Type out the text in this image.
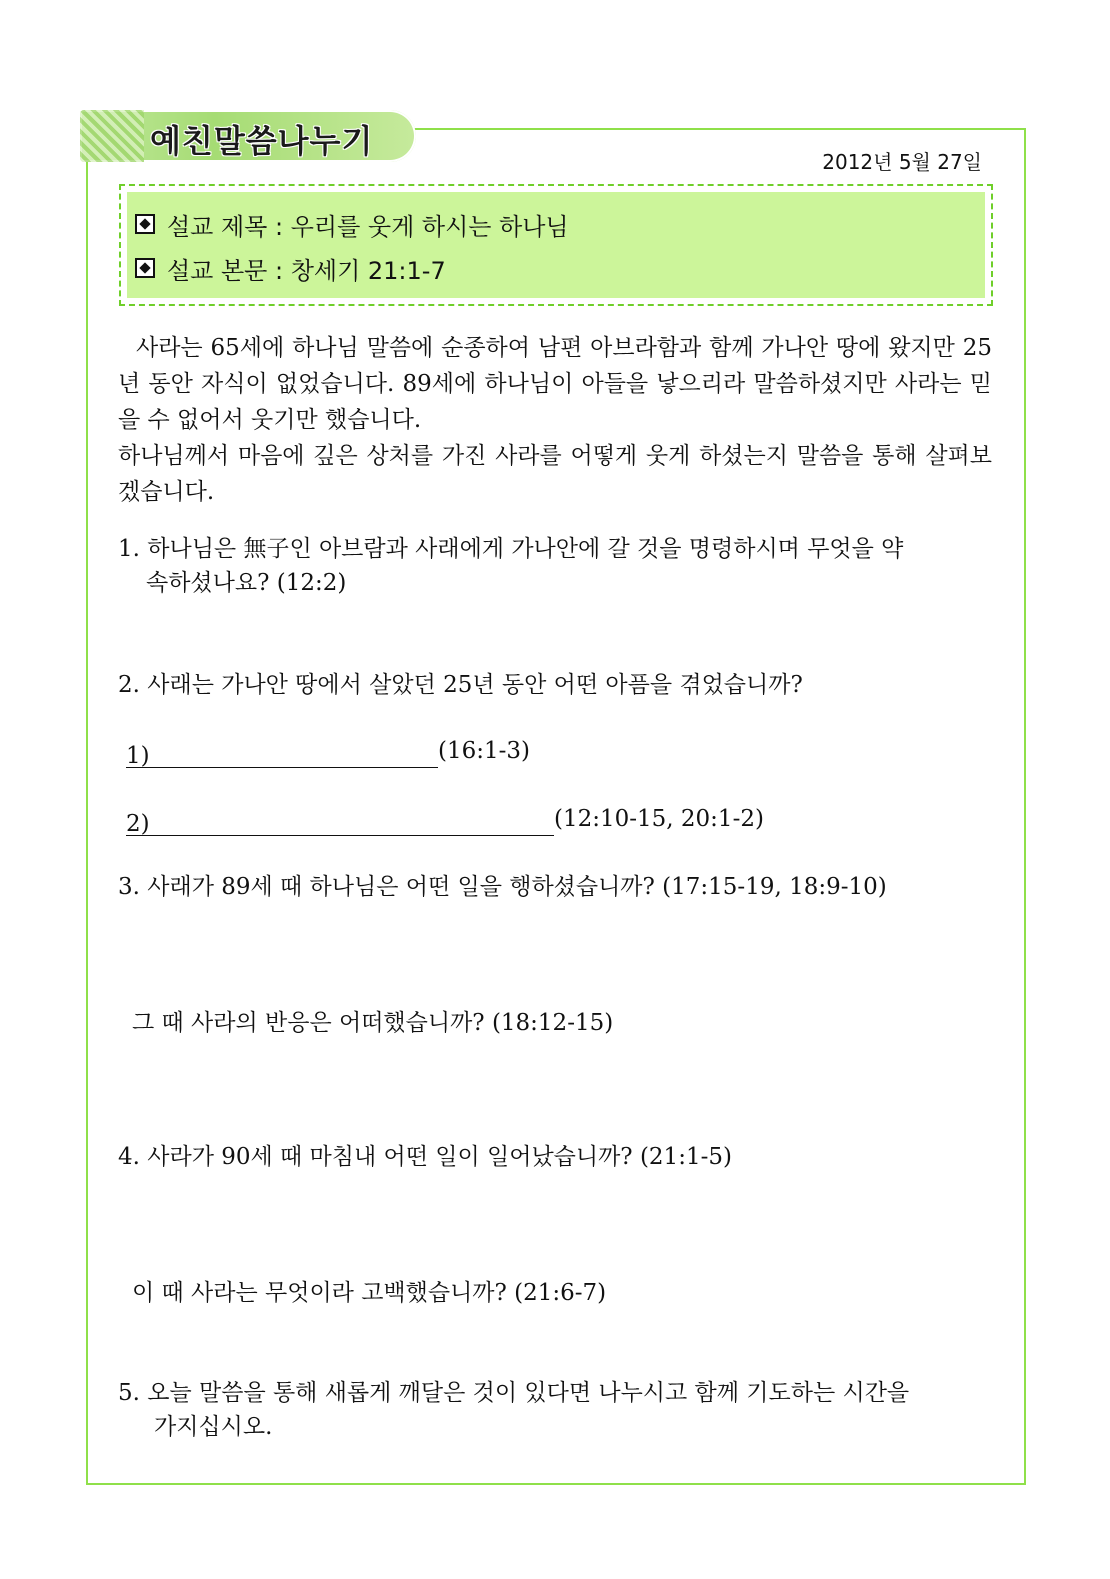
예친말씀나누기
2012년 5월 27일
설교 제목 : 우리를 웃게 하시는 하나님
설교 본문 : 창세기 21:1-7

사라는 65세에 하나님 말씀에 순종하여 남편 아브라함과 함께 가나안 땅에 왔지만 25년 동안 자식이 없었습니다. 89세에 하나님이 아들을 낳으리라 말씀하셨지만 사라는 믿을 수 없어서 웃기만 했습니다.

하나님께서 마음에 깊은 상처를 가진 사라를 어떻게 웃게 하셨는지 말씀을 통해 살펴보겠습니다.

1. 하나님은 無子인 아브람과 사래에게 가나안에 갈 것을 명령하시며 무엇을 약
속하셨나요? (12:2)
2. 사래는 가나안 땅에서 살았던 25년 동안 어떤 아픔을 겪었습니까?
1)	(16:1-3)
2)	(12:10-15, 20:1-2)
3. 사래가 89세 때 하나님은 어떤 일을 행하셨습니까? (17:15-19, 18:9-10)
그 때 사라의 반응은 어떠했습니까? (18:12-15)
4. 사라가 90세 때 마침내 어떤 일이 일어났습니까? (21:1-5)
이 때 사라는 무엇이라 고백했습니까? (21:6-7)
5. 오늘 말씀을 통해 새롭게 깨달은 것이 있다면 나누시고 함께 기도하는 시간을
가지십시오.
